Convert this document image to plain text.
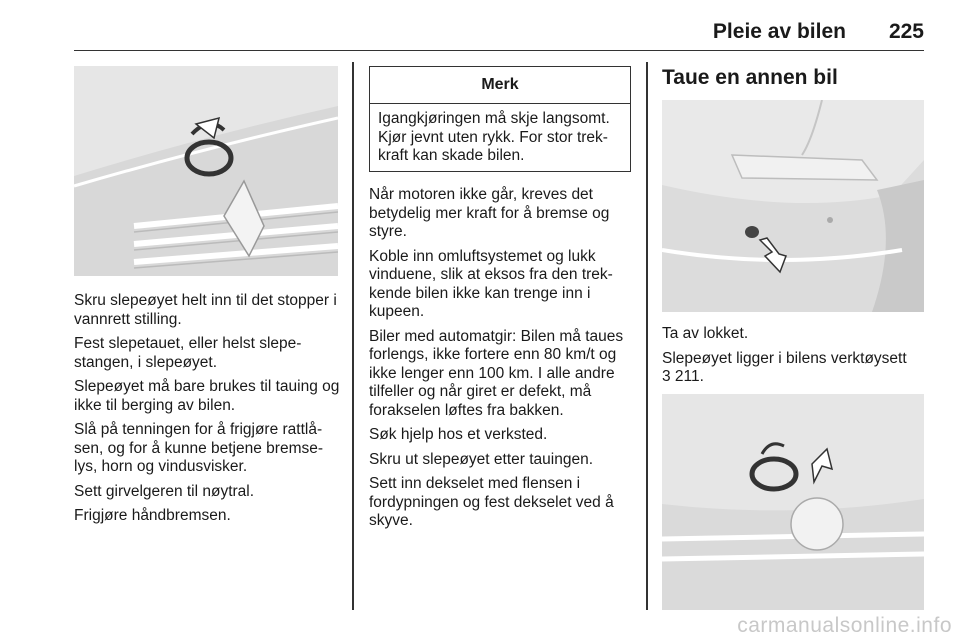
Pleie av bilen 225

Skru slepeøyet helt inn til det stopper i vannrett stilling.

Fest slepetauet, eller helst slepe-stangen, i slepeøyet.

Slepeøyet må bare brukes til tauing og ikke til berging av bilen.

Slå på tenningen for å frigjøre rattlå-sen, og for å kunne betjene bremse-lys, horn og vindusvisker.

Sett girvelgeren til nøytral.

Frigjøre håndbremsen.

Merk
Igangkjøringen må skje langsomt. Kjør jevnt uten rykk. For stor trek-kraft kan skade bilen.

Når motoren ikke går, kreves det betydelig mer kraft for å bremse og styre.

Koble inn omluftsystemet og lukk vinduene, slik at eksos fra den trek-kende bilen ikke kan trenge inn i kupeen.

Biler med automatgir: Bilen må taues forlengs, ikke fortere enn 80 km/t og ikke lenger enn 100 km. I alle andre tilfeller og når giret er defekt, må forakselen løftes fra bakken.

Søk hjelp hos et verksted.

Skru ut slepeøyet etter tauingen.

Sett inn dekselet med flensen i fordypningen og fest dekselet ved å skyve.

Taue en annen bil

Ta av lokket.

Slepeøyet ligger i bilens verktøysett

3 211.

carmanualsonline.info
